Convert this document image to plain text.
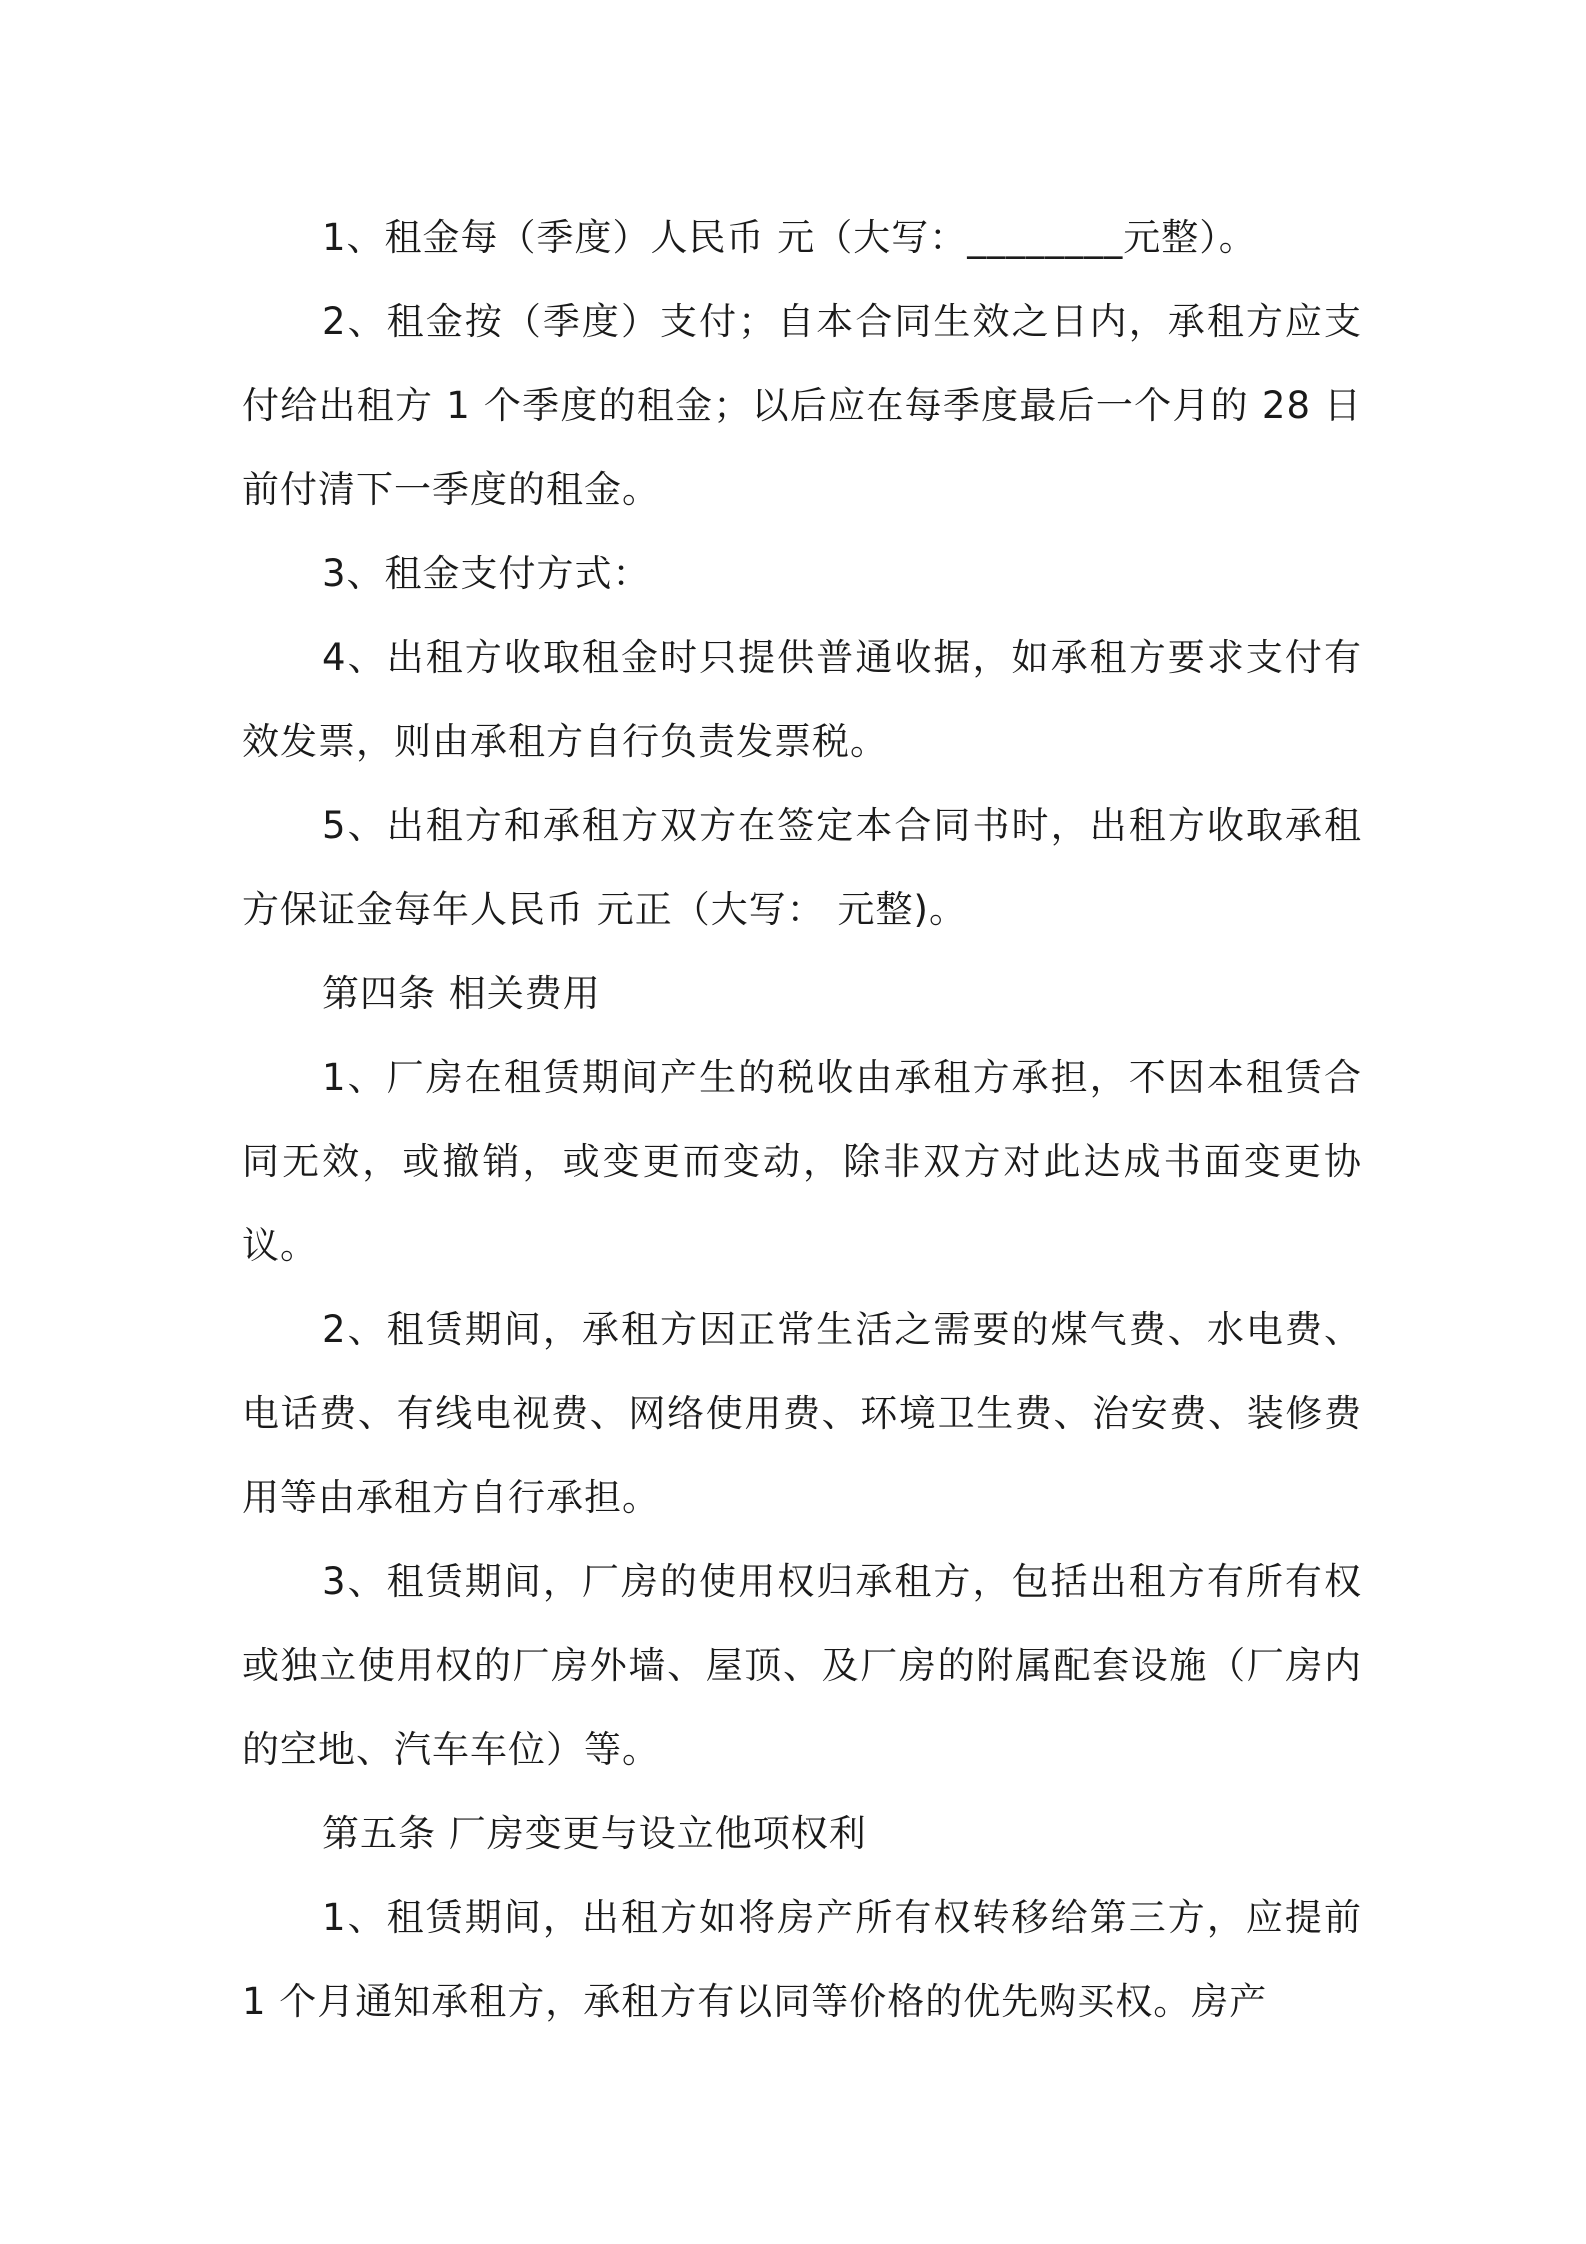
1、租金每（季度）人民币 元（大写：________元整）。

2、租金按（季度）支付；自本合同生效之日内，承租方应支付给出租方 1 个季度的租金；以后应在每季度最后一个月的 28 日前付清下一季度的租金。

3、租金支付方式：

4、出租方收取租金时只提供普通收据，如承租方要求支付有效发票，则由承租方自行负责发票税。

5、出租方和承租方双方在签定本合同书时，出租方收取承租方保证金每年人民币 元正（大写： 元整)。

第四条 相关费用

1、厂房在租赁期间产生的税收由承租方承担，不因本租赁合同无效，或撤销，或变更而变动，除非双方对此达成书面变更协议。

2、租赁期间，承租方因正常生活之需要的煤气费、水电费、电话费、有线电视费、网络使用费、环境卫生费、治安费、装修费用等由承租方自行承担。

3、租赁期间，厂房的使用权归承租方，包括出租方有所有权或独立使用权的厂房外墙、屋顶、及厂房的附属配套设施（厂房内的空地、汽车车位）等。

第五条 厂房变更与设立他项权利

1、租赁期间，出租方如将房产所有权转移给第三方，应提前 1 个月通知承租方，承租方有以同等价格的优先购买权。房产
